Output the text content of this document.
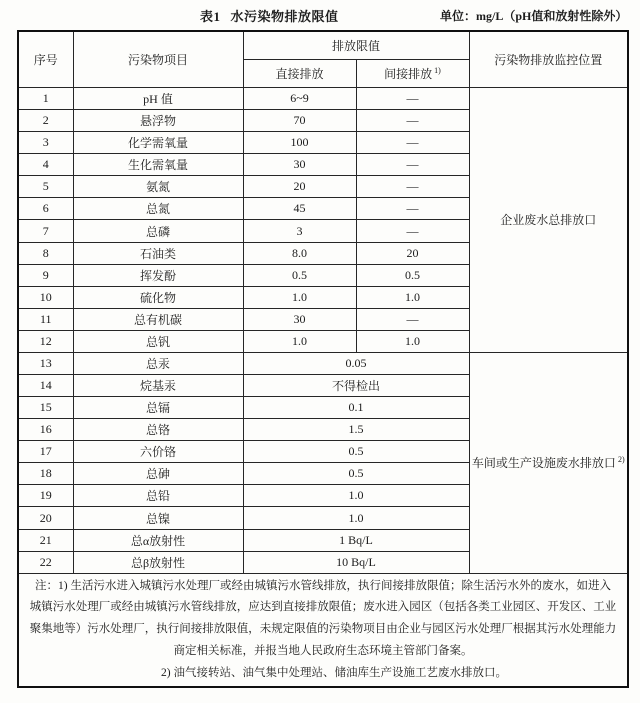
表1 水污染物排放限值	单位：mg/L（pH值和放射性除外）
序号	污染物项目	排放限值		污染物排放监控位置
		直接排放	间接排放 $^{1)}$
1	pH 值	6~9	—	企业废水总排放口
2	悬浮物	70	—	
3	化学需氧量	100	—	
4	生化需氧量	30	—	
5	氨氮	20	—	
6	总氮	45	—	
7	总磷	3	—	
8	石油类	8.0	20	
9	挥发酚	0.5	0.5	
10	硫化物	1.0	1.0	
11	总有机碳	30	—	
12	总钒	1.0	1.0	
13	总汞	0.05		车间或生产设施废水排放口 $^{2)}$
14	烷基汞	不得检出		
15	总镉	0.1		
16	总铬	1.5		
17	六价铬	0.5		
18	总砷	0.5		
19	总铅	1.0		
20	总镍	1.0		
21	总α放射性	1 Bq/L		
22	总β放射性	10 Bq/L		

注：1) 生活污水进入城镇污水处理厂或经由城镇污水管线排放，执行间接排放限值；除生活污水外的废水，如进入
城镇污水处理厂或经由城镇污水管线排放，应达到直接排放限值；废水进入园区（包括各类工业园区、开发区、工业
聚集地等）污水处理厂，执行间接排放限值，未规定限值的污染物项目由企业与园区污水处理厂根据其污水处理能力
商定相关标准，并报当地人民政府生态环境主管部门备案。
2) 油气接转站、油气集中处理站、储油库生产设施工艺废水排放口。				
